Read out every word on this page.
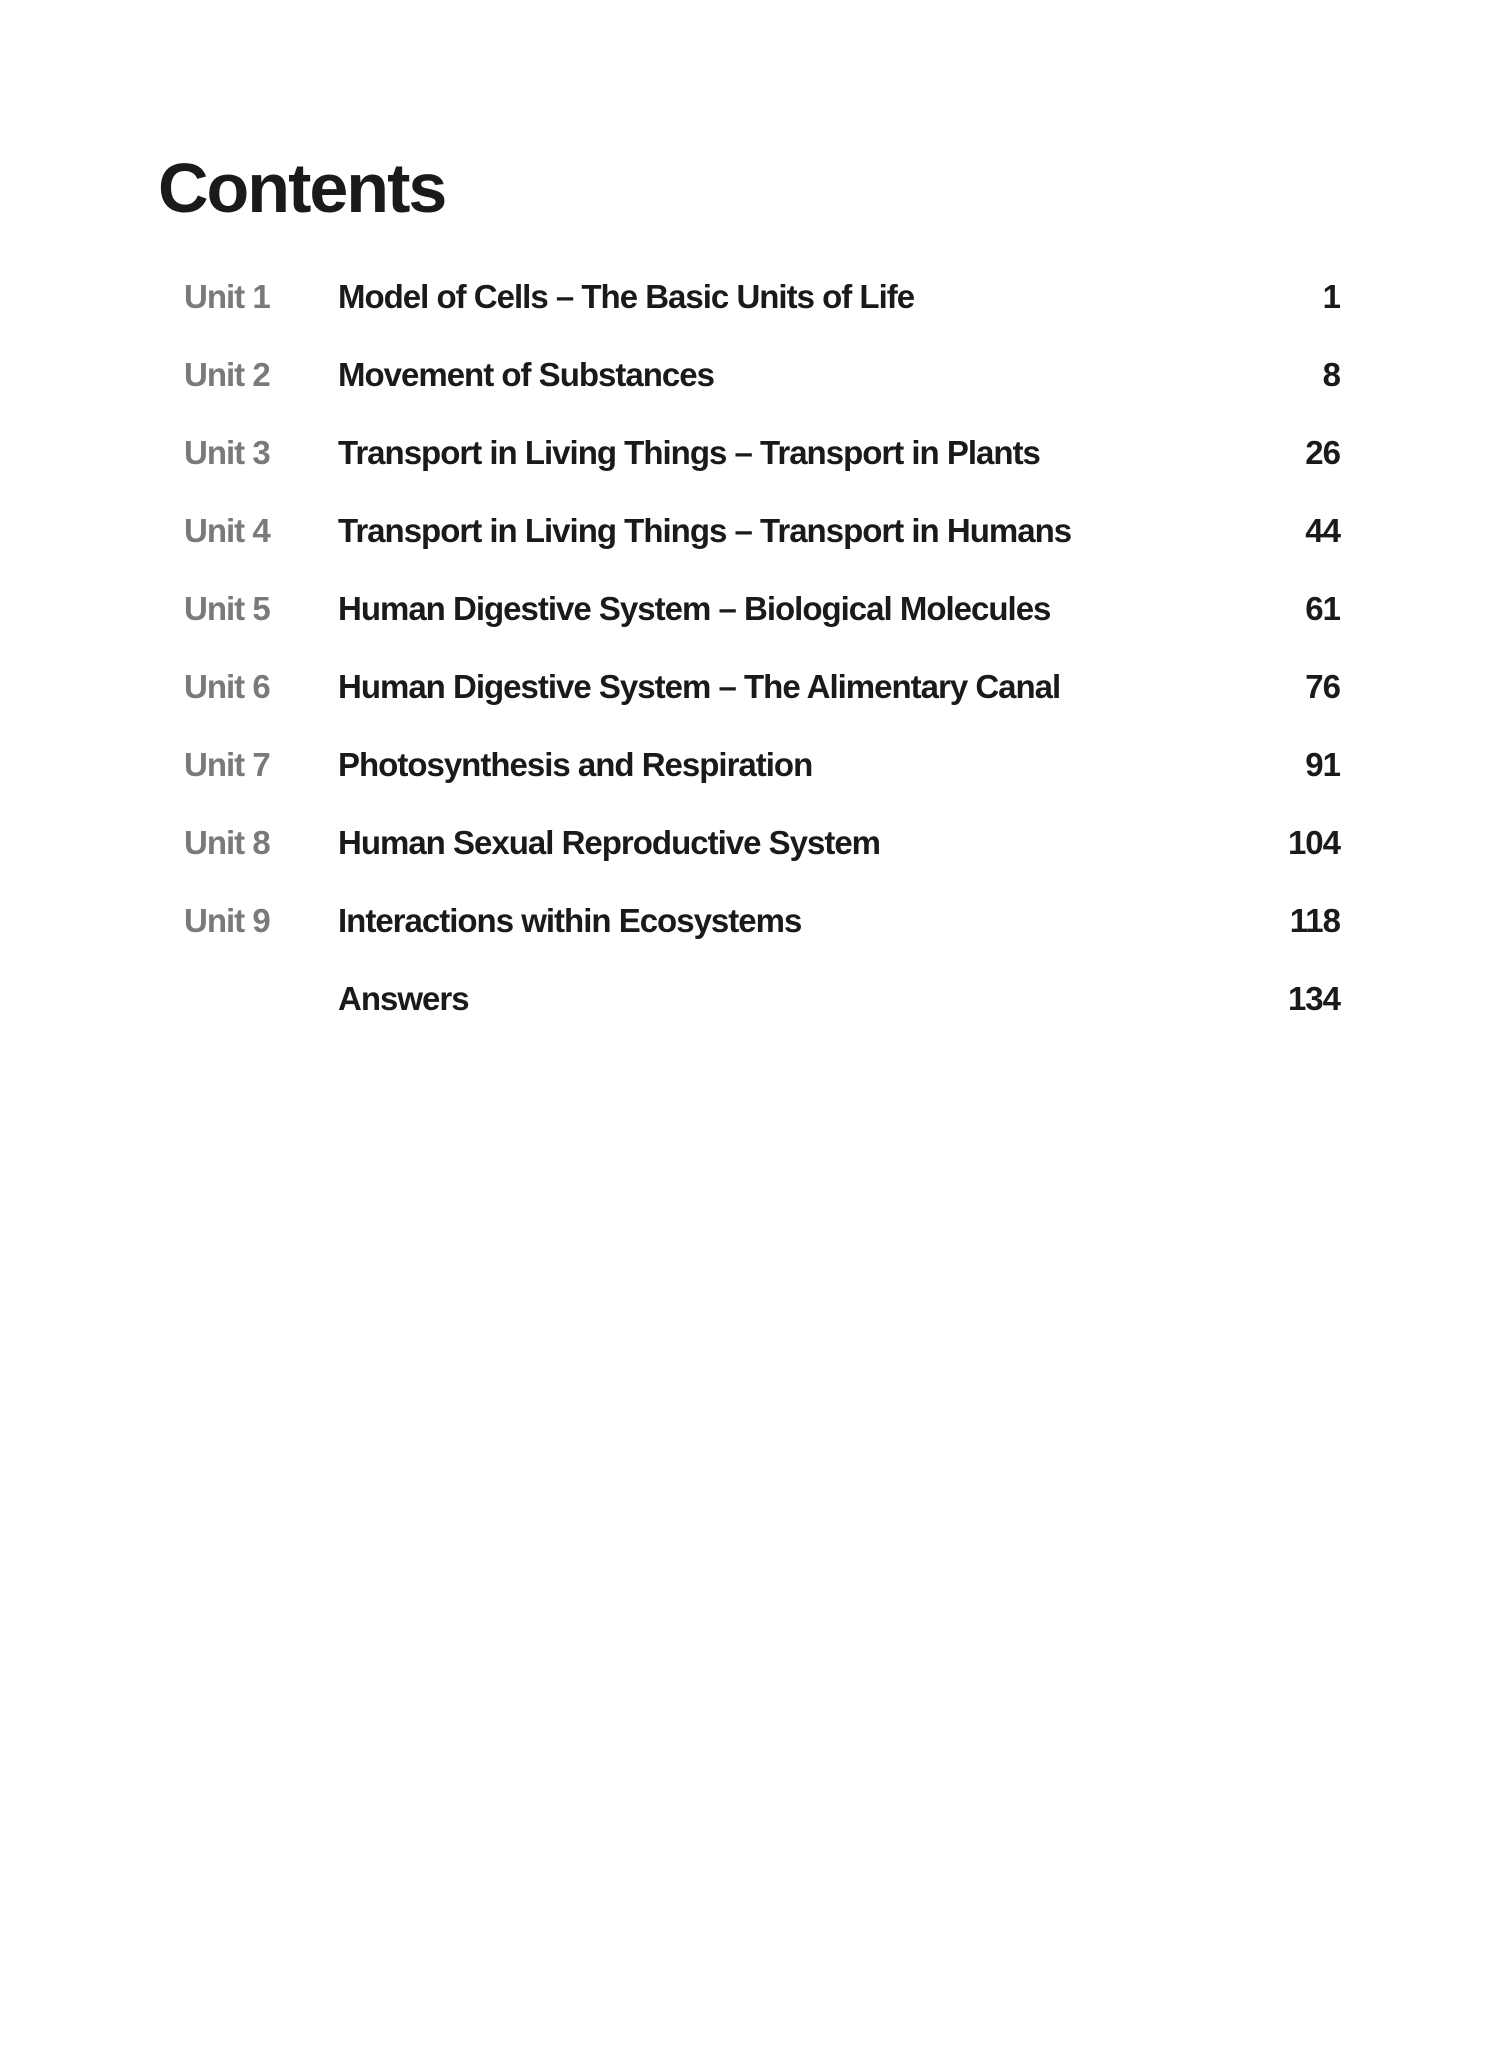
Contents
Unit 1 Model of Cells – The Basic Units of Life	1
Unit 2 Movement of Substances	8
Unit 3 Transport in Living Things – Transport in Plants	26
Unit 4 Transport in Living Things – Transport in Humans	44
Unit 5 Human Digestive System – Biological Molecules	61
Unit 6 Human Digestive System – The Alimentary Canal	76
Unit 7 Photosynthesis and Respiration	91
Unit 8 Human Sexual Reproductive System	104
Unit 9 Interactions within Ecosystems	118
Answers	134
